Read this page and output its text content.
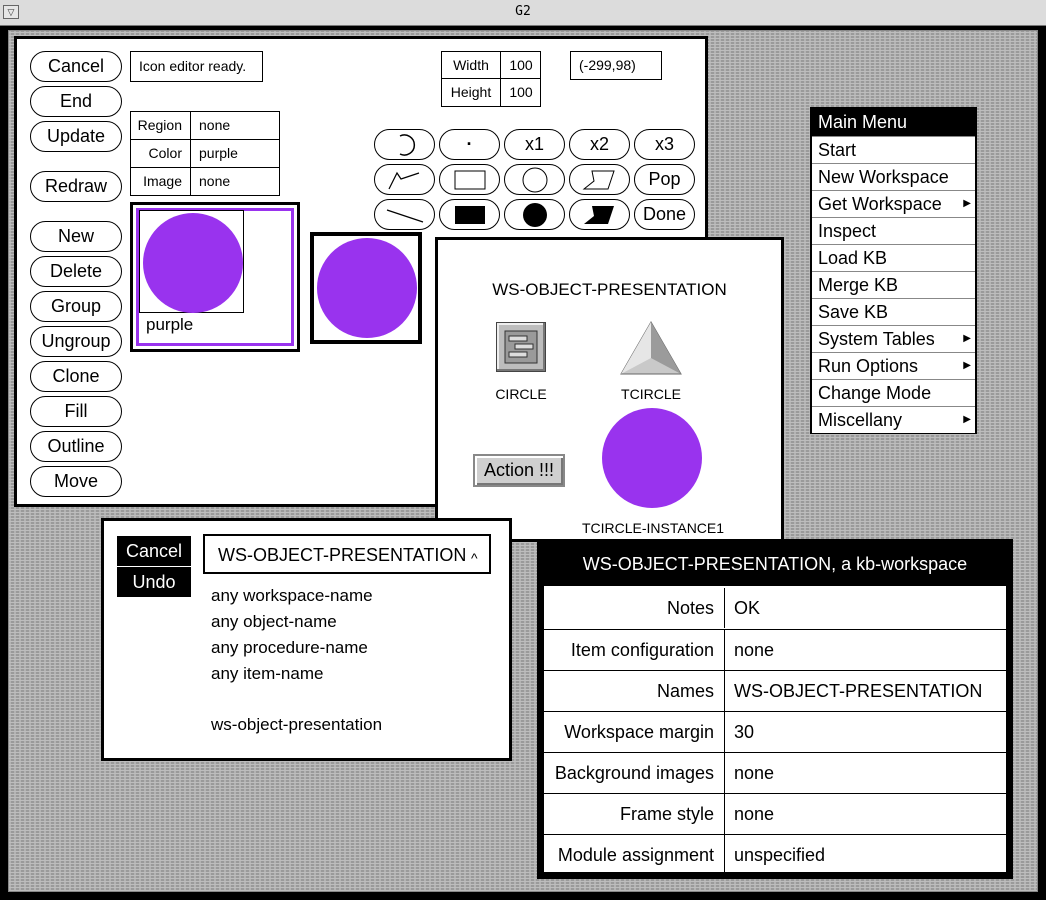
▽	G2
Cancel
End
Update
Redraw
New
Delete
Group
Ungroup
Clone
Fill
Outline
Move
Icon editor ready.	Width	100
Height	100
(-299,98)
Region	none
Color	purple
Image	none
purple
·	x1	x2	x3
Pop
Done
WS-OBJECT-PRESENTATION
CIRCLE	TCIRCLE
Action !!!
TCIRCLE-INSTANCE1
Main Menu
Start
New Workspace
Get Workspace ▶
Inspect
Load KB
Merge KB
Save KB
System Tables	▶
Run Options	▶
Change Mode
Miscellany	▶
Cancel
Undo
WS-OBJECT-PRESENTATION ^
any workspace-name
any object-name
any procedure-name
any item-name
ws-object-presentation
WS-OBJECT-PRESENTATION, a kb-workspace
Notes	OK
Item configuration	none
Names	WS-OBJECT-PRESENTATION
Workspace margin	30
Background images	none
Frame style	none
Module assignment	unspecified
